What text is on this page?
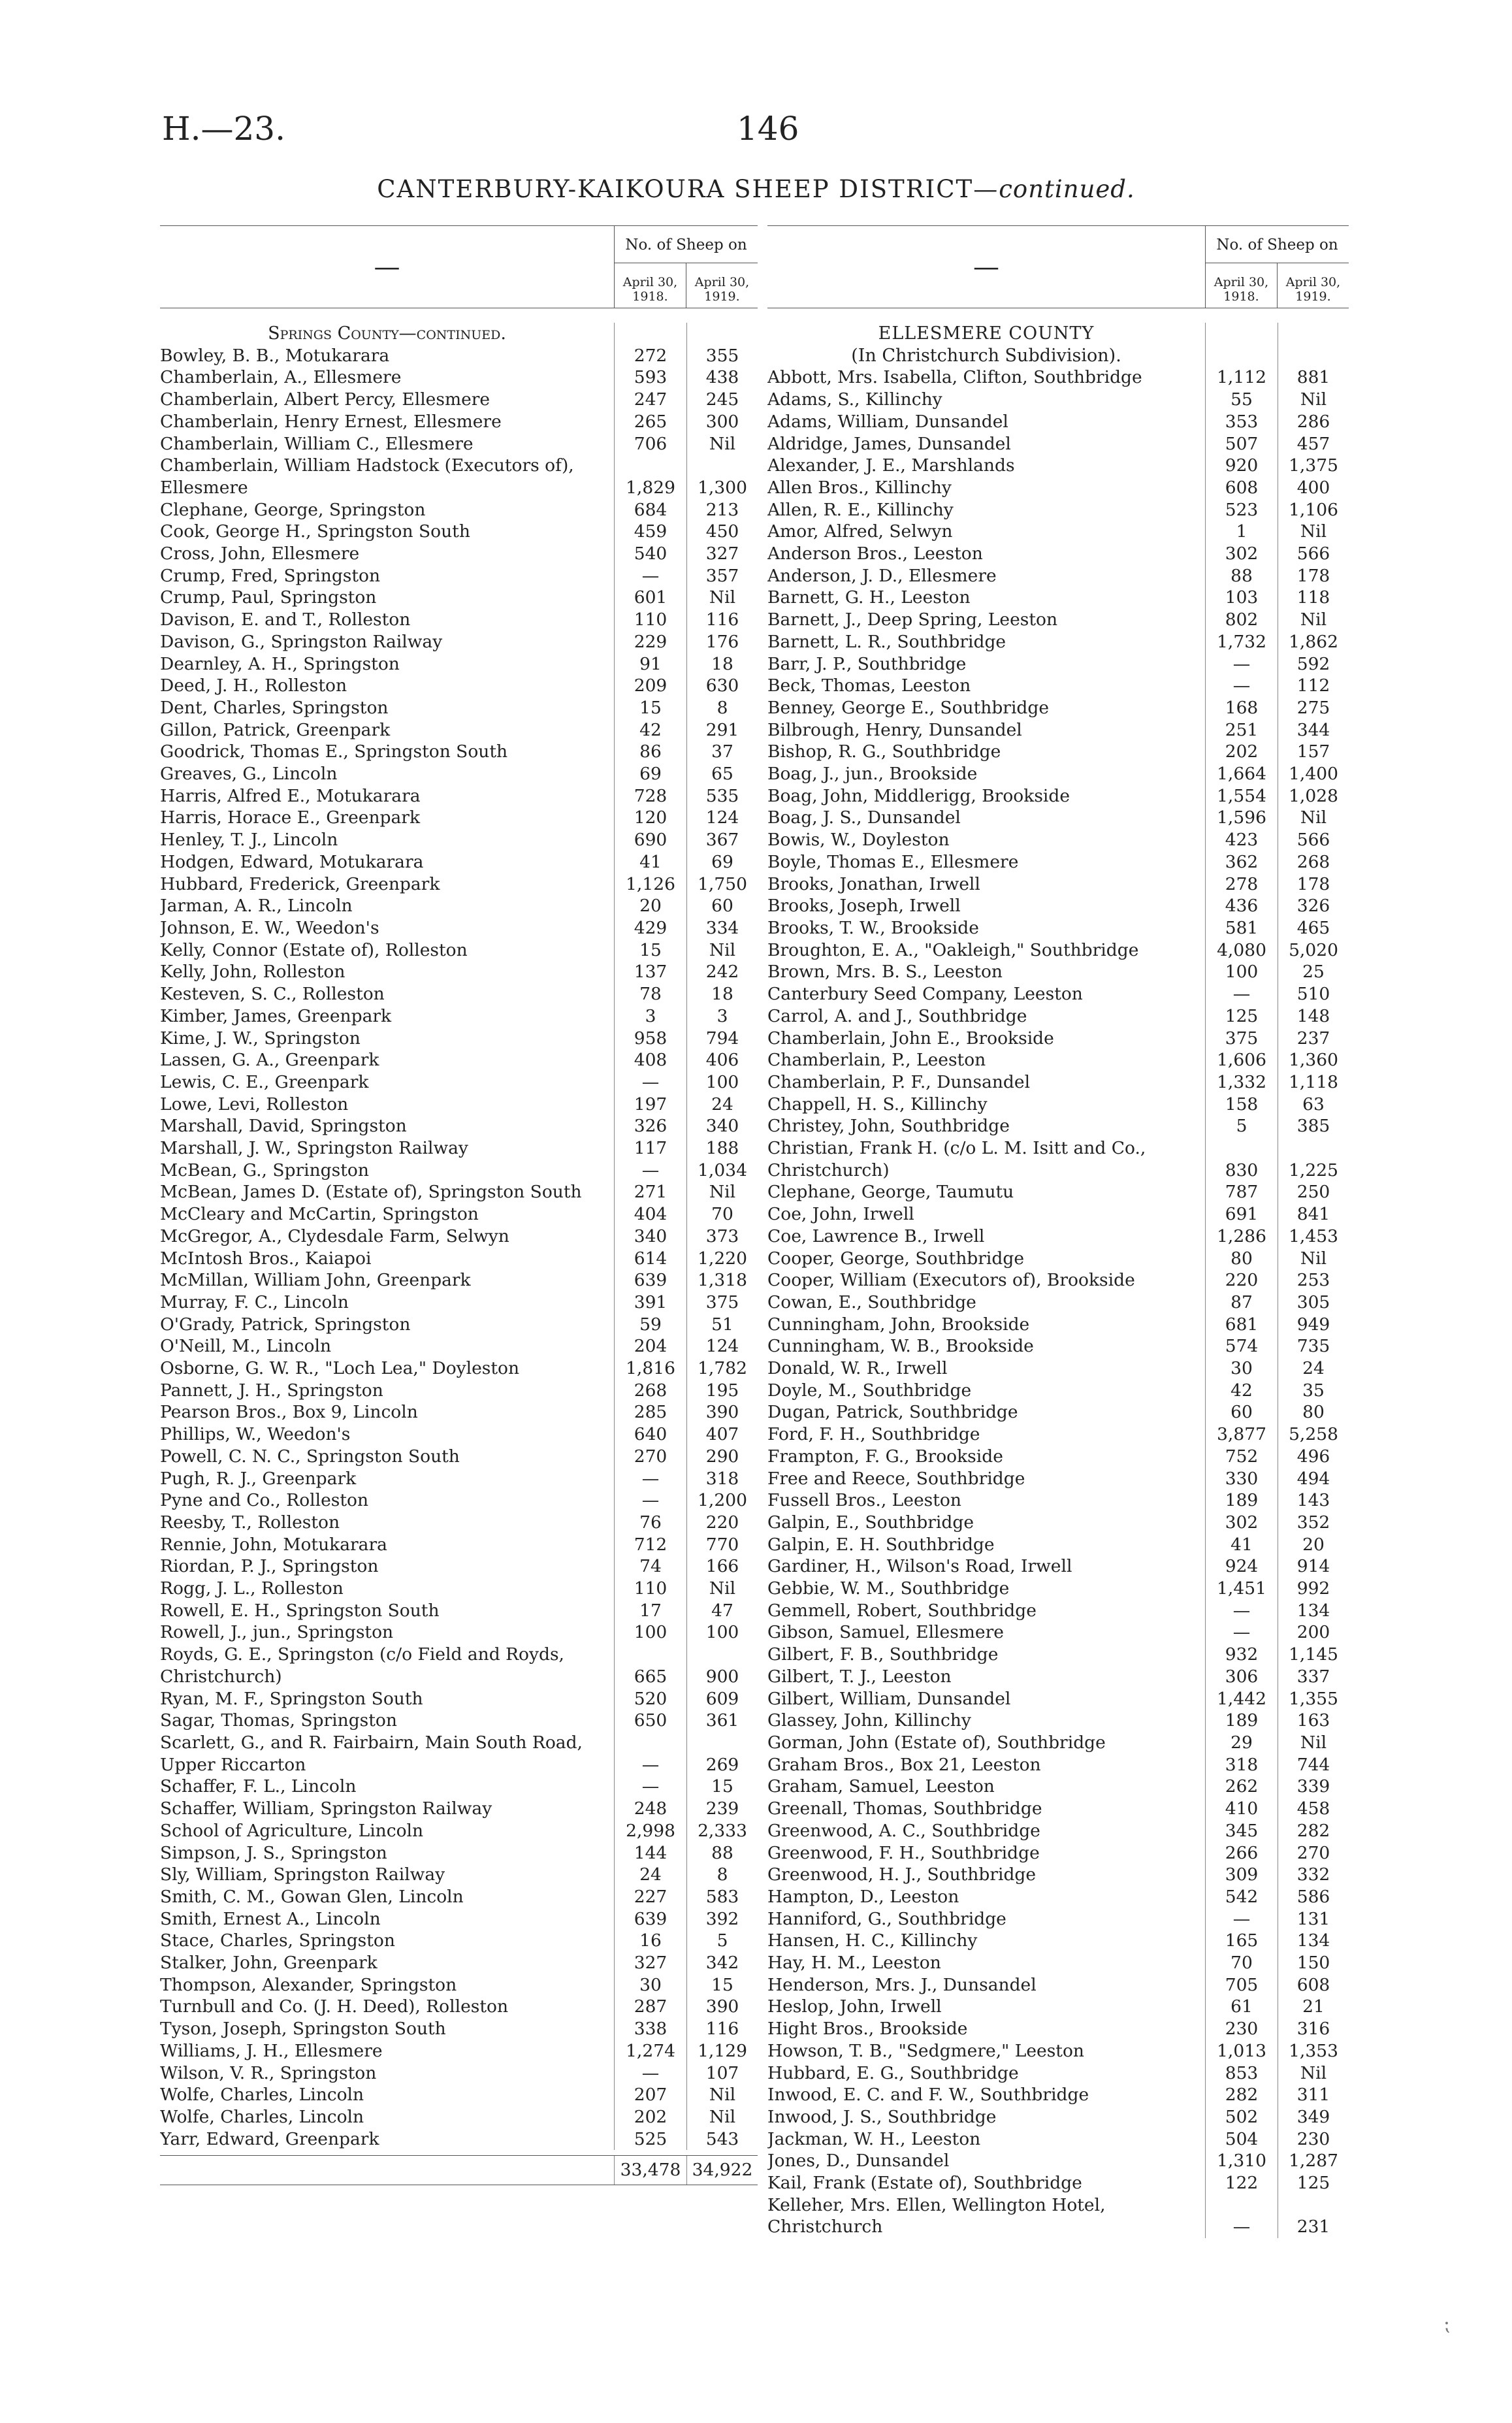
H.—23.	146
CANTERBURY-KAIKOURA SHEEP DISTRICT—continued.
—
No. of Sheep on
April 30, 1918.
April 30, 1919.
Springs County—continued.
Bowley, B. B., Motukarara	272	355
Chamberlain, A., Ellesmere	593	438
Chamberlain, Albert Percy, Ellesmere	247	245
Chamberlain, Henry Ernest, Ellesmere	265	300
Chamberlain, William C., Ellesmere	706	Nil
Chamberlain, William Hadstock (Executors of), Ellesmere	1,829	1,300
Clephane, George, Springston	684	213
Cook, George H., Springston South	459	450
Cross, John, Ellesmere	540	327
Crump, Fred, Springston	—	357
Crump, Paul, Springston	601	Nil
Davison, E. and T., Rolleston	110	116
Davison, G., Springston Railway	229	176
Dearnley, A. H., Springston	91	18
Deed, J. H., Rolleston	209	630
Dent, Charles, Springston	15	8
Gillon, Patrick, Greenpark	42	291
Goodrick, Thomas E., Springston South	86	37
Greaves, G., Lincoln	69	65
Harris, Alfred E., Motukarara	728	535
Harris, Horace E., Greenpark	120	124
Henley, T. J., Lincoln	690	367
Hodgen, Edward, Motukarara	41	69
Hubbard, Frederick, Greenpark	1,126	1,750
Jarman, A. R., Lincoln	20	60
Johnson, E. W., Weedon's	429	334
Kelly, Connor (Estate of), Rolleston	15	Nil
Kelly, John, Rolleston	137	242
Kesteven, S. C., Rolleston	78	18
Kimber, James, Greenpark	3	3
Kime, J. W., Springston	958	794
Lassen, G. A., Greenpark	408	406
Lewis, C. E., Greenpark	—	100
Lowe, Levi, Rolleston	197	24
Marshall, David, Springston	326	340
Marshall, J. W., Springston Railway	117	188
McBean, G., Springston	—	1,034
McBean, James D. (Estate of), Springston South	271	Nil
McCleary and McCartin, Springston	404	70
McGregor, A., Clydesdale Farm, Selwyn	340	373
McIntosh Bros., Kaiapoi	614	1,220
McMillan, William John, Greenpark	639	1,318
Murray, F. C., Lincoln	391	375
O'Grady, Patrick, Springston	59	51
O'Neill, M., Lincoln	204	124
Osborne, G. W. R., "Loch Lea," Doyleston	1,816	1,782
Pannett, J. H., Springston	268	195
Pearson Bros., Box 9, Lincoln	285	390
Phillips, W., Weedon's	640	407
Powell, C. N. C., Springston South	270	290
Pugh, R. J., Greenpark	—	318
Pyne and Co., Rolleston	—	1,200
Reesby, T., Rolleston	76	220
Rennie, John, Motukarara	712	770
Riordan, P. J., Springston	74	166
Rogg, J. L., Rolleston	110	Nil
Rowell, E. H., Springston South	17	47
Rowell, J., jun., Springston	100	100
Royds, G. E., Springston (c/o Field and Royds, Christchurch)	665	900
Ryan, M. F., Springston South	520	609
Sagar, Thomas, Springston	650	361
Scarlett, G., and R. Fairbairn, Main South Road, Upper Riccarton	—	269
Schaffer, F. L., Lincoln	—	15
Schaffer, William, Springston Railway	248	239
School of Agriculture, Lincoln	2,998	2,333
Simpson, J. S., Springston	144	88
Sly, William, Springston Railway	24	8
Smith, C. M., Gowan Glen, Lincoln	227	583
Smith, Ernest A., Lincoln	639	392
Stace, Charles, Springston	16	5
Stalker, John, Greenpark	327	342
Thompson, Alexander, Springston	30	15
Turnbull and Co. (J. H. Deed), Rolleston	287	390
Tyson, Joseph, Springston South	338	116
Williams, J. H., Ellesmere	1,274	1,129
Wilson, V. R., Springston	—	107
Wolfe, Charles, Lincoln	207	Nil
Wolfe, Charles, Lincoln	202	Nil
Yarr, Edward, Greenpark	525	543
33,478 34,922
—
No. of Sheep on
April 30, 1918.
April 30, 1919.
ELLESMERE COUNTY
(In Christchurch Subdivision).
Abbott, Mrs. Isabella, Clifton, Southbridge	1,112	881
Adams, S., Killinchy	55	Nil
Adams, William, Dunsandel	353	286
Aldridge, James, Dunsandel	507	457
Alexander, J. E., Marshlands	920	1,375
Allen Bros., Killinchy	608	400
Allen, R. E., Killinchy	523	1,106
Amor, Alfred, Selwyn	1	Nil
Anderson Bros., Leeston	302	566
Anderson, J. D., Ellesmere	88	178
Barnett, G. H., Leeston	103	118
Barnett, J., Deep Spring, Leeston	802	Nil
Barnett, L. R., Southbridge	1,732	1,862
Barr, J. P., Southbridge	—	592
Beck, Thomas, Leeston	—	112
Benney, George E., Southbridge	168	275
Bilbrough, Henry, Dunsandel	251	344
Bishop, R. G., Southbridge	202	157
Boag, J., jun., Brookside	1,664	1,400
Boag, John, Middlerigg, Brookside	1,554	1,028
Boag, J. S., Dunsandel	1,596	Nil
Bowis, W., Doyleston	423	566
Boyle, Thomas E., Ellesmere	362	268
Brooks, Jonathan, Irwell	278	178
Brooks, Joseph, Irwell	436	326
Brooks, T. W., Brookside	581	465
Broughton, E. A., "Oakleigh," Southbridge	4,080	5,020
Brown, Mrs. B. S., Leeston	100	25
Canterbury Seed Company, Leeston	—	510
Carrol, A. and J., Southbridge	125	148
Chamberlain, John E., Brookside	375	237
Chamberlain, P., Leeston	1,606	1,360
Chamberlain, P. F., Dunsandel	1,332	1,118
Chappell, H. S., Killinchy	158	63
Christey, John, Southbridge	5	385
Christian, Frank H. (c/o L. M. Isitt and Co., Christchurch)	830	1,225
Clephane, George, Taumutu	787	250
Coe, John, Irwell	691	841
Coe, Lawrence B., Irwell	1,286	1,453
Cooper, George, Southbridge	80	Nil
Cooper, William (Executors of), Brookside	220	253
Cowan, E., Southbridge	87	305
Cunningham, John, Brookside	681	949
Cunningham, W. B., Brookside	574	735
Donald, W. R., Irwell	30	24
Doyle, M., Southbridge	42	35
Dugan, Patrick, Southbridge	60	80
Ford, F. H., Southbridge	3,877	5,258
Frampton, F. G., Brookside	752	496
Free and Reece, Southbridge	330	494
Fussell Bros., Leeston	189	143
Galpin, E., Southbridge	302	352
Galpin, E. H. Southbridge	41	20
Gardiner, H., Wilson's Road, Irwell	924	914
Gebbie, W. M., Southbridge	1,451	992
Gemmell, Robert, Southbridge	—	134
Gibson, Samuel, Ellesmere	—	200
Gilbert, F. B., Southbridge	932	1,145
Gilbert, T. J., Leeston	306	337
Gilbert, William, Dunsandel	1,442	1,355
Glassey, John, Killinchy	189	163
Gorman, John (Estate of), Southbridge	29	Nil
Graham Bros., Box 21, Leeston	318	744
Graham, Samuel, Leeston	262	339
Greenall, Thomas, Southbridge	410	458
Greenwood, A. C., Southbridge	345	282
Greenwood, F. H., Southbridge	266	270
Greenwood, H. J., Southbridge	309	332
Hampton, D., Leeston	542	586
Hanniford, G., Southbridge	—	131
Hansen, H. C., Killinchy	165	134
Hay, H. M., Leeston	70	150
Henderson, Mrs. J., Dunsandel	705	608
Heslop, John, Irwell	61	21
Hight Bros., Brookside	230	316
Howson, T. B., "Sedgmere," Leeston	1,013	1,353
Hubbard, E. G., Southbridge	853	Nil
Inwood, E. C. and F. W., Southbridge	282	311
Inwood, J. S., Southbridge	502	349
Jackman, W. H., Leeston	504	230
Jones, D., Dunsandel	1,310	1,287
Kail, Frank (Estate of), Southbridge	122	125
Kelleher, Mrs. Ellen, Wellington Hotel, Christchurch	—	231
⁏
